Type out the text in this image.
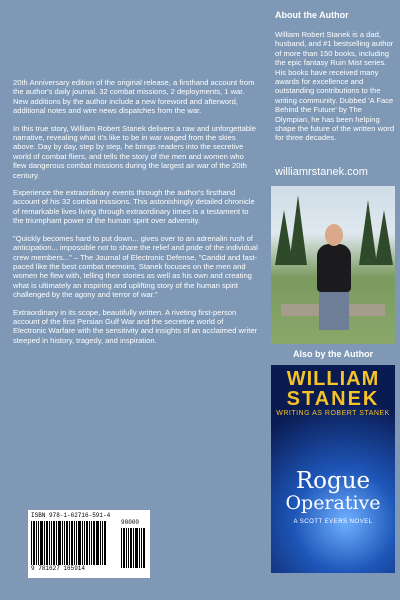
20th Anniversary edition of the original release, a firsthand account from the author's daily journal. 32 combat missions, 2 deployments, 1 war. New additions by the author include a new foreword and afterword, additional notes and wire news dispatches from the war.

In this true story, William Robert Stanek delivers a raw and unforgettable narrative, revealing what it's like to be in war waged from the skies above. Day by day, step by step, he brings readers into the secretive world of combat fliers, and tells the story of the men and women who flew dangerous combat missions during the largest air war of the 20th century.

Experience the extraordinary events through the author's firsthand account of his 32 combat missions. This astonishingly detailed chronicle of remarkable lives living through extraordinary times is a testament to the triumphant power of the human spirit over adversity.

"Quickly becomes hard to put down... gives over to an adrenalin rush of anticipation... impossible not to share the relief and pride of the individual crew members..." – The Journal of Electronic Defense, "Candid and fast-paced like the best combat memoirs, Stanek focuses on the men and women he flew with, telling their stories as well as his own and creating what is ultimately an inspiring and uplifting story of the human spirit challenged by the agony and terror of war."

Extraordinary in its scope, beautifully written. A riveting first-person account of the first Persian Gulf War and the secretive world of Electronic Warfare with the sensitivity and insights of an acclaimed writer steeped in history, tragedy, and inspiration.

About the Author
William Robert Stanek is a dad, husband, and #1 bestselling author of more than 150 books, including the epic fantasy Ruin Mist series. His books have received many awards for excellence and outstanding contributions to the writing community. Dubbed 'A Face Behind the Future' by The Olympian, he has been helping shape the future of the written word for three decades.
williamrstanek.com
Also by the Author
WILLIAM
STANEK
WRITING AS ROBERT STANEK
Rogue
Operative
A SCOTT EVERS NOVEL
ISBN 978-1-62716-591-4
9 781627 165914
90000
